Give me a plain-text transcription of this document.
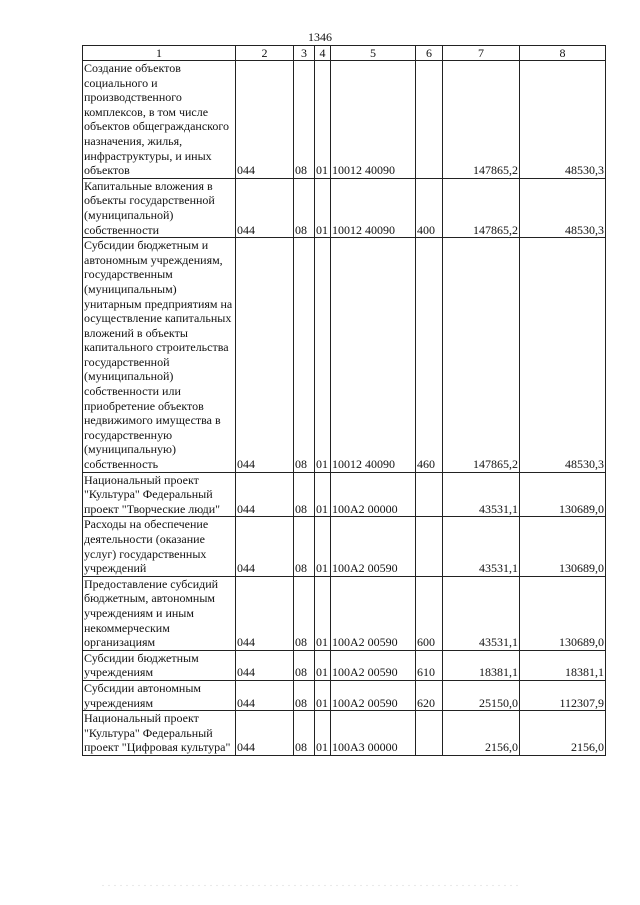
1346
1	2	3	4	5	6	7	8

Создание объектов социального и производственного комплексов, в том числе объектов общегражданского назначения, жилья, инфраструктуры, и иных объектов	044	08	01	10012 40090		147865,2	48530,3

Капитальные вложения в объекты государственной (муниципальной) собственности	044	08	01	10012 40090	400	147865,2	48530,3

Субсидии бюджетным и автономным учреждениям, государственным (муниципальным) унитарным предприятиям на осуществление капитальных вложений в объекты капитального строительства государственной (муниципальной) собственности или приобретение объектов недвижимого имущества в государственную (муниципальную) собственность	044	08	01	10012 40090	460	147865,2	48530,3

Национальный проект "Культура" Федеральный проект "Творческие люди"	044	08	01	100А2 00000		43531,1	130689,0

Расходы на обеспечение деятельности (оказание услуг) государственных учреждений	044	08	01	100А2 00590		43531,1	130689,0

Предоставление субсидий бюджетным, автономным учреждениям и иным некоммерческим организациям	044	08	01	100А2 00590	600	43531,1	130689,0

Субсидии бюджетным учреждениям	044	08	01	100А2 00590	610	18381,1	18381,1

Субсидии автономным учреждениям	044	08	01	100А2 00590	620	25150,0	112307,9

Национальный проект "Культура" Федеральный проект "Цифровая культура"	044	08	01	100А3 00000		2156,0	2156,0
